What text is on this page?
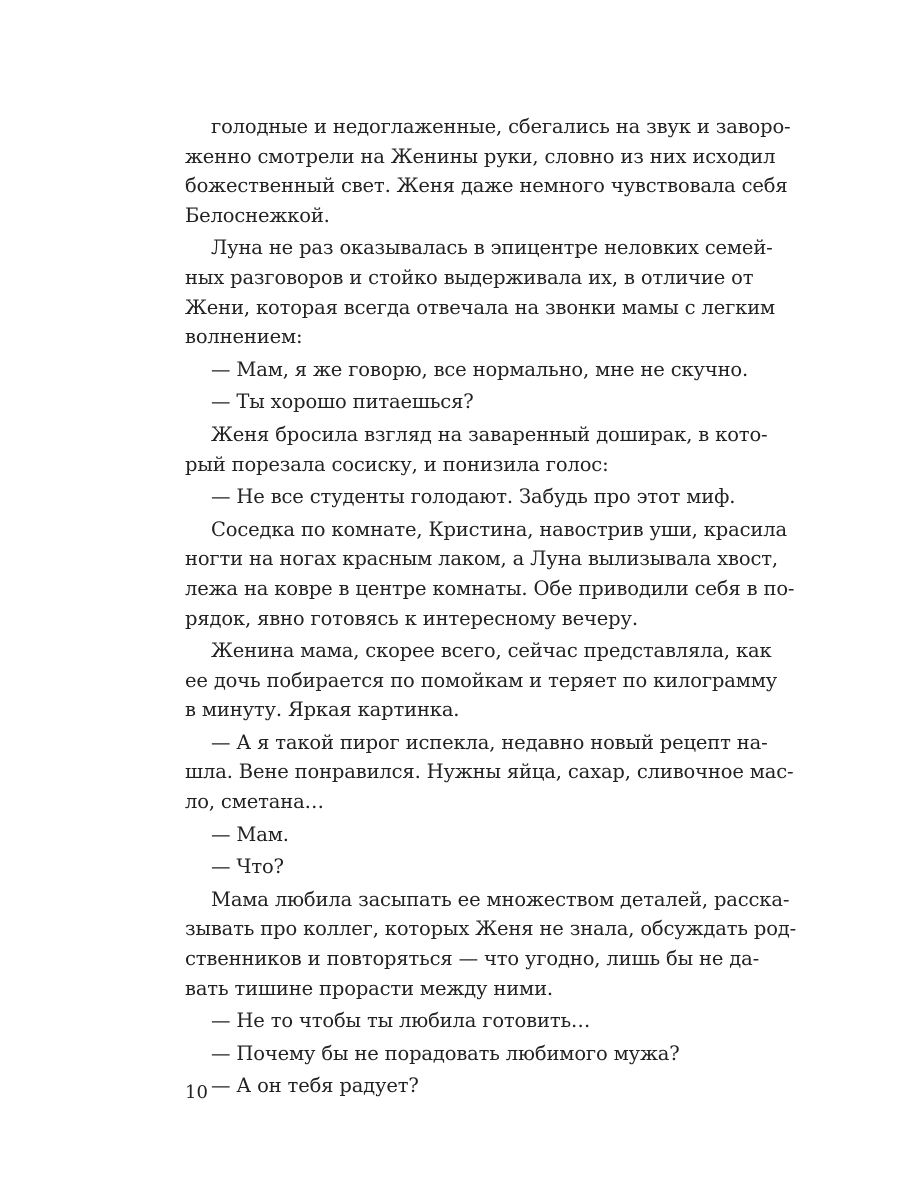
голодные и недоглаженные, сбегались на звук и заворо-
женно смотрели на Женины руки, словно из них исходил
божественный свет. Женя даже немного чувствовала себя
Белоснежкой.
Луна не раз оказывалась в эпицентре неловких семей-
ных разговоров и стойко выдерживала их, в отличие от
Жени, которая всегда отвечала на звонки мамы с легким
волнением:
— Мам, я же говорю, все нормально, мне не скучно.
— Ты хорошо питаешься?
Женя бросила взгляд на заваренный доширак, в кото-
рый порезала сосиску, и понизила голос:
— Не все студенты голодают. Забудь про этот миф.
Соседка по комнате, Кристина, навострив уши, красила
ногти на ногах красным лаком, а Луна вылизывала хвост,
лежа на ковре в центре комнаты. Обе приводили себя в по-
рядок, явно готовясь к интересному вечеру.
Женина мама, скорее всего, сейчас представляла, как
ее дочь побирается по помойкам и теряет по килограмму
в минуту. Яркая картинка.
— А я такой пирог испекла, недавно новый рецепт на-
шла. Вене понравился. Нужны яйца, сахар, сливочное мас-
ло, сметана…
— Мам.
— Что?
Мама любила засыпать ее множеством деталей, расска-
зывать про коллег, которых Женя не знала, обсуждать род-
ственников и повторяться — что угодно, лишь бы не да-
вать тишине прорасти между ними.
— Не то чтобы ты любила готовить…
— Почему бы не порадовать любимого мужа?
— А он тебя радует?
10
